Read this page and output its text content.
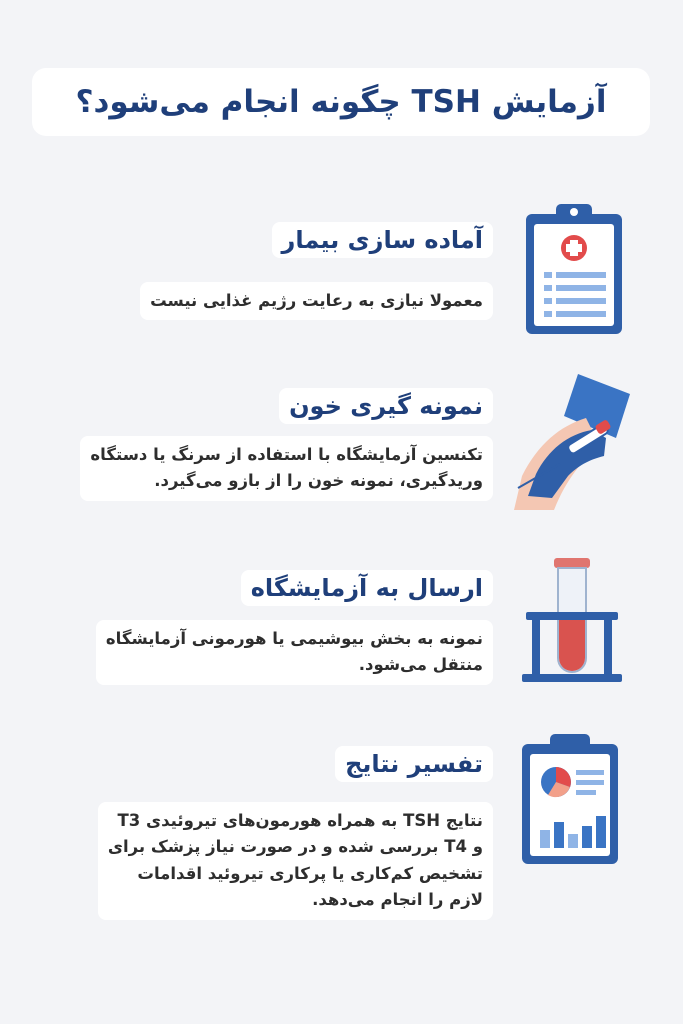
آزمایش TSH چگونه انجام می‌شود؟
آماده سازی بیمار

معمولا نیازی به رعایت رژیم غذایی نیست

نمونه گیری خون

تکنسین آزمایشگاه با استفاده از سرنگ یا دستگاه
وریدگیری، نمونه خون را از بازو می‌گیرد.

ارسال به آزمایشگاه

نمونه به بخش بیوشیمی یا هورمونی آزمایشگاه
منتقل می‌شود.

تفسیر نتایج

نتایج TSH به همراه هورمون‌های تیروئیدی T3
و T4 بررسی شده و در صورت نیاز پزشک برای
تشخیص کم‌کاری یا پرکاری تیروئید اقدامات
لازم را انجام می‌دهد.
